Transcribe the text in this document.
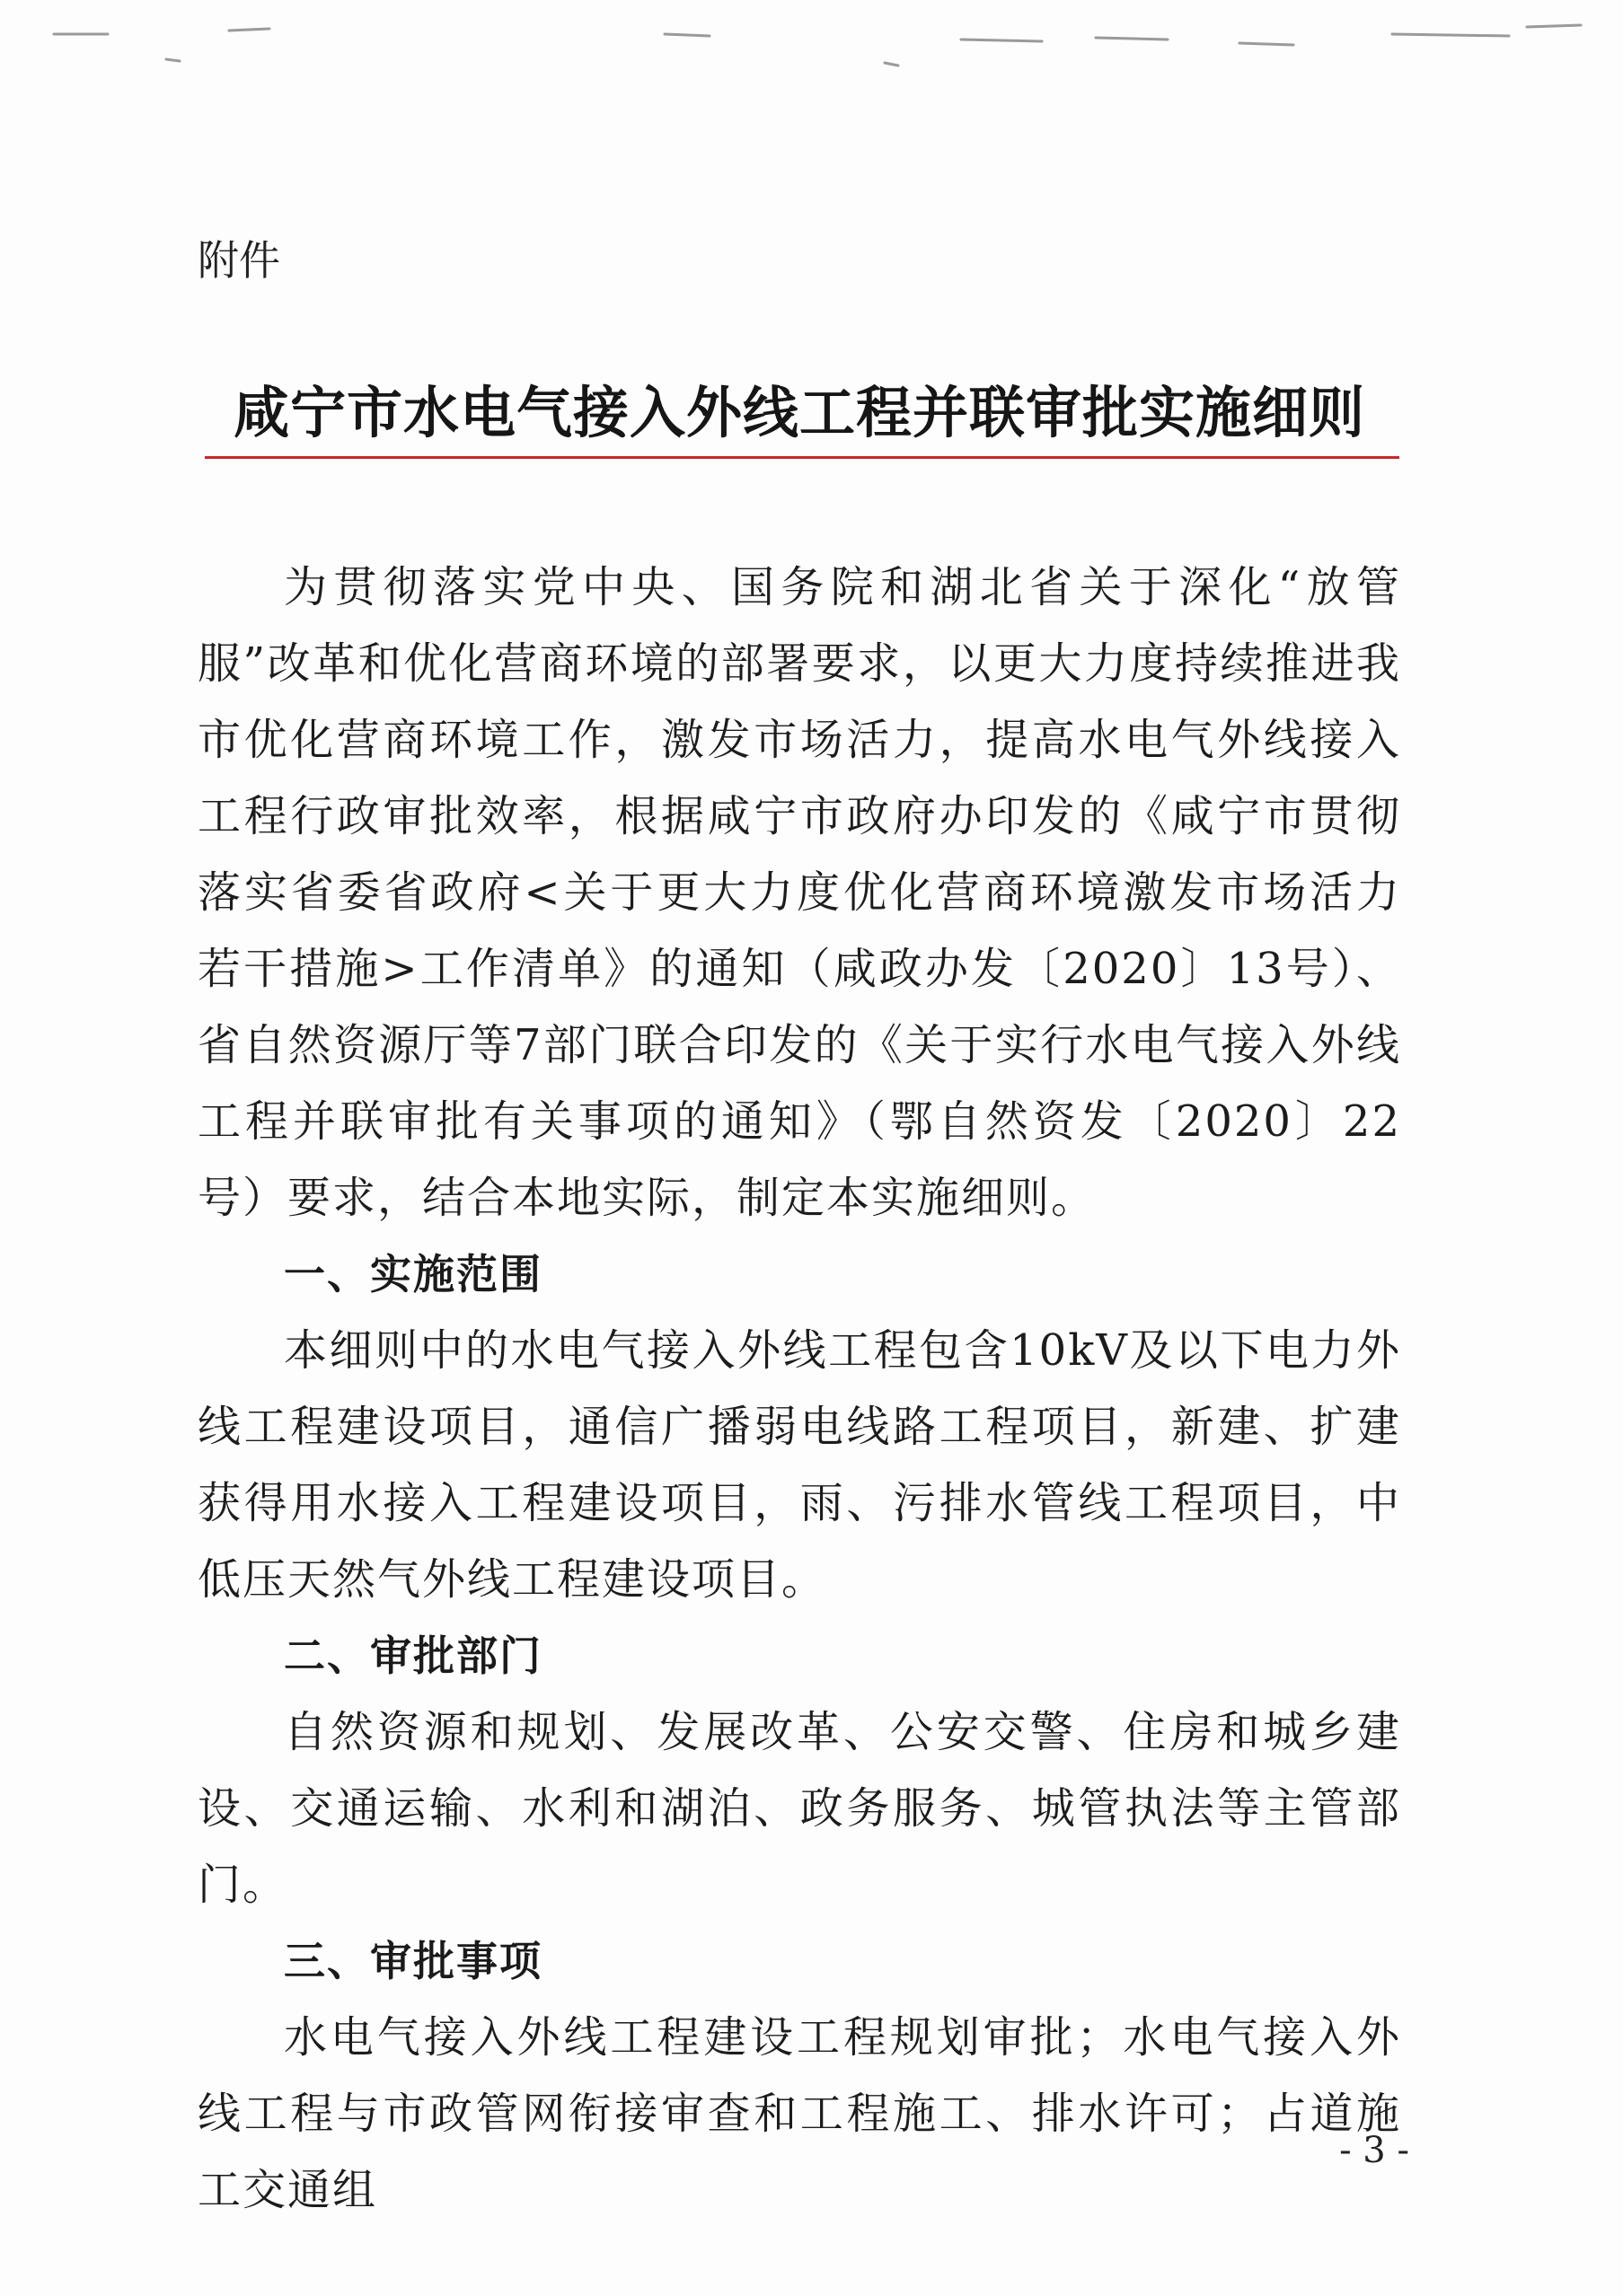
附件

咸宁市水电气接入外线工程并联审批实施细则

为贯彻落实党中央、国务院和湖北省关于深化“放管服”改革和优化营商环境的部署要求，以更大力度持续推进我市优化营商环境工作，激发市场活力，提高水电气外线接入工程行政审批效率，根据咸宁市政府办印发的《咸宁市贯彻落实省委省政府<关于更大力度优化营商环境激发市场活力若干措施>工作清单》的通知（咸政办发〔2020〕13号）、省自然资源厅等7部门联合印发的《关于实行水电气接入外线工程并联审批有关事项的通知》（鄂自然资发〔2020〕22号）要求，结合本地实际，制定本实施细则。

一、实施范围

本细则中的水电气接入外线工程包含10kV及以下电力外线工程建设项目，通信广播弱电线路工程项目，新建、扩建获得用水接入工程建设项目，雨、污排水管线工程项目，中低压天然气外线工程建设项目。

二、审批部门

自然资源和规划、发展改革、公安交警、住房和城乡建设、交通运输、水利和湖泊、政务服务、城管执法等主管部门。

三、审批事项

水电气接入外线工程建设工程规划审批；水电气接入外线工程与市政管网衔接审查和工程施工、排水许可；占道施工交通组

- 3 -
